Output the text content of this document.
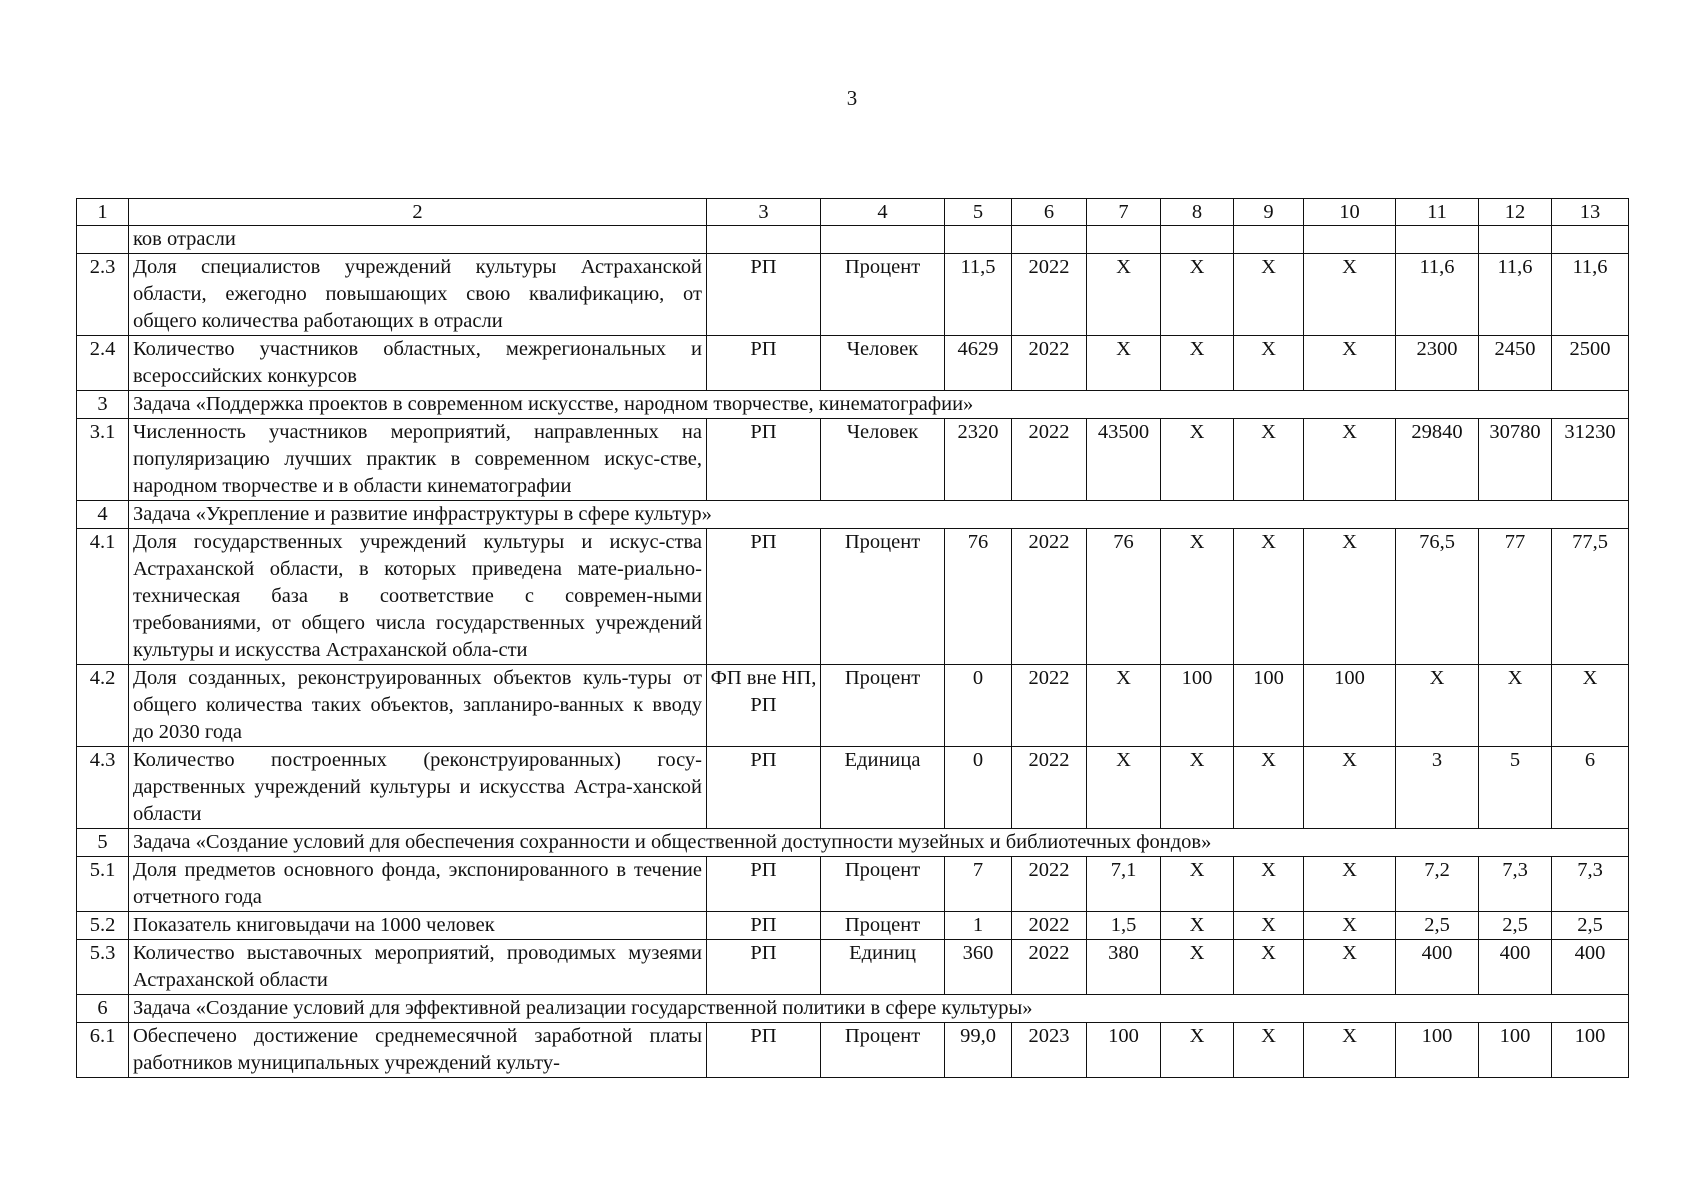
3
1	2	3	4	5	6	7	8	9	10	11	12	13
	ков отрасли											
2.3	Доля специалистов учреждений культуры Астраханской области, ежегодно повышающих свою квалификацию, от общего количества работающих в отрасли	РП	Процент	11,5	2022	Х	Х	Х	Х	11,6	11,6	11,6
2.4	Количество участников областных, межрегиональных и всероссийских конкурсов	РП	Человек	4629	2022	Х	Х	Х	Х	2300	2450	2500
3	Задача «Поддержка проектов в современном искусстве, народном творчестве, кинематографии»											
3.1	Численность участников мероприятий, направленных на популяризацию лучших практик в современном искус-стве, народном творчестве и в области кинематографии	РП	Человек	2320	2022	43500	Х	Х	Х	29840	30780	31230
4	Задача «Укрепление и развитие инфраструктуры в сфере культур»											
4.1	Доля государственных учреждений культуры и искус-ства Астраханской области, в которых приведена мате-риально-техническая база в соответствие с современ-ными требованиями, от общего числа государственных учреждений культуры и искусства Астраханской обла-сти	РП	Процент	76	2022	76	Х	Х	Х	76,5	77	77,5
4.2	Доля созданных, реконструированных объектов куль-туры от общего количества таких объектов, запланиро-ванных к вводу до 2030 года	ФП вне НП, РП	Процент	0	2022	Х	100	100	100	Х	Х	Х
4.3	Количество построенных (реконструированных) госу-дарственных учреждений культуры и искусства Астра-ханской области	РП	Единица	0	2022	Х	Х	Х	Х	3	5	6
5	Задача «Создание условий для обеспечения сохранности и общественной доступности музейных и библиотечных фондов»											
5.1	Доля предметов основного фонда, экспонированного в течение отчетного года	РП	Процент	7	2022	7,1	Х	Х	Х	7,2	7,3	7,3
5.2	Показатель книговыдачи на 1000 человек	РП	Процент	1	2022	1,5	Х	Х	Х	2,5	2,5	2,5
5.3	Количество выставочных мероприятий, проводимых музеями Астраханской области	РП	Единиц	360	2022	380	Х	Х	Х	400	400	400
6	Задача «Создание условий для эффективной реализации государственной политики в сфере культуры»											
6.1	Обеспечено достижение среднемесячной заработной платы работников муниципальных учреждений культу-	РП	Процент	99,0	2023	100	Х	Х	Х	100	100	100
